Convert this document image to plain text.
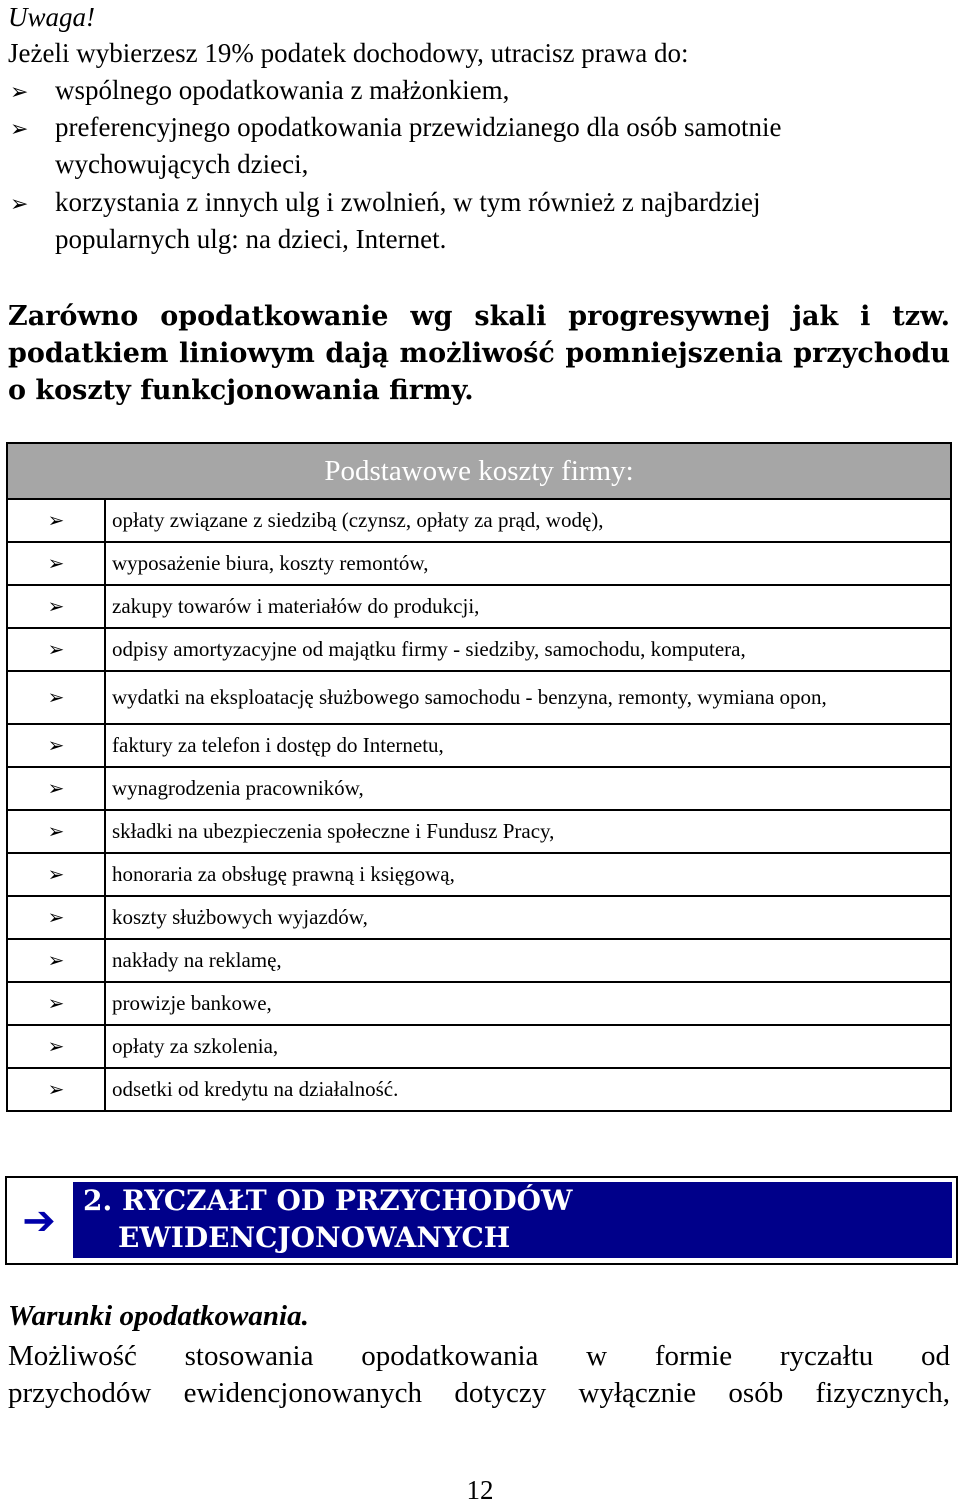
Uwaga!
Jeżeli wybierzesz 19% podatek dochodowy, utracisz prawa do:
➢ wspólnego opodatkowania z małżonkiem,
➢ preferencyjnego opodatkowania przewidzianego dla osób samotnie
wychowujących dzieci,
➢ korzystania z innych ulg i zwolnień, w tym również z najbardziej
popularnych ulg: na dzieci, Internet.
Zarówno opodatkowanie wg skali progresywnej jak i tzw.
podatkiem liniowym dają możliwość pomniejszenia przychodu
o koszty funkcjonowania firmy.
Podstawowe koszty firmy:	
➢	opłaty związane z siedzibą (czynsz, opłaty za prąd, wodę),
➢	wyposażenie biura, koszty remontów,
➢	zakupy towarów i materiałów do produkcji,
➢	odpisy amortyzacyjne od majątku firmy - siedziby, samochodu, komputera,
➢	wydatki na eksploatację służbowego samochodu - benzyna, remonty, wymiana opon,
➢	faktury za telefon i dostęp do Internetu,
➢	wynagrodzenia pracowników,
➢	składki na ubezpieczenia społeczne i Fundusz Pracy,
➢	honoraria za obsługę prawną i księgową,
➢	koszty służbowych wyjazdów,
➢	nakłady na reklamę,
➢	prowizje bankowe,
➢	opłaty za szkolenia,
➢	odsetki od kredytu na działalność.
➔ 2. RYCZAŁT OD PRZYCHODÓW
EWIDENCJONOWANYCH
Warunki opodatkowania.
Możliwość stosowania opodatkowania w formie ryczałtu od
przychodów ewidencjonowanych dotyczy wyłącznie osób fizycznych,
12
